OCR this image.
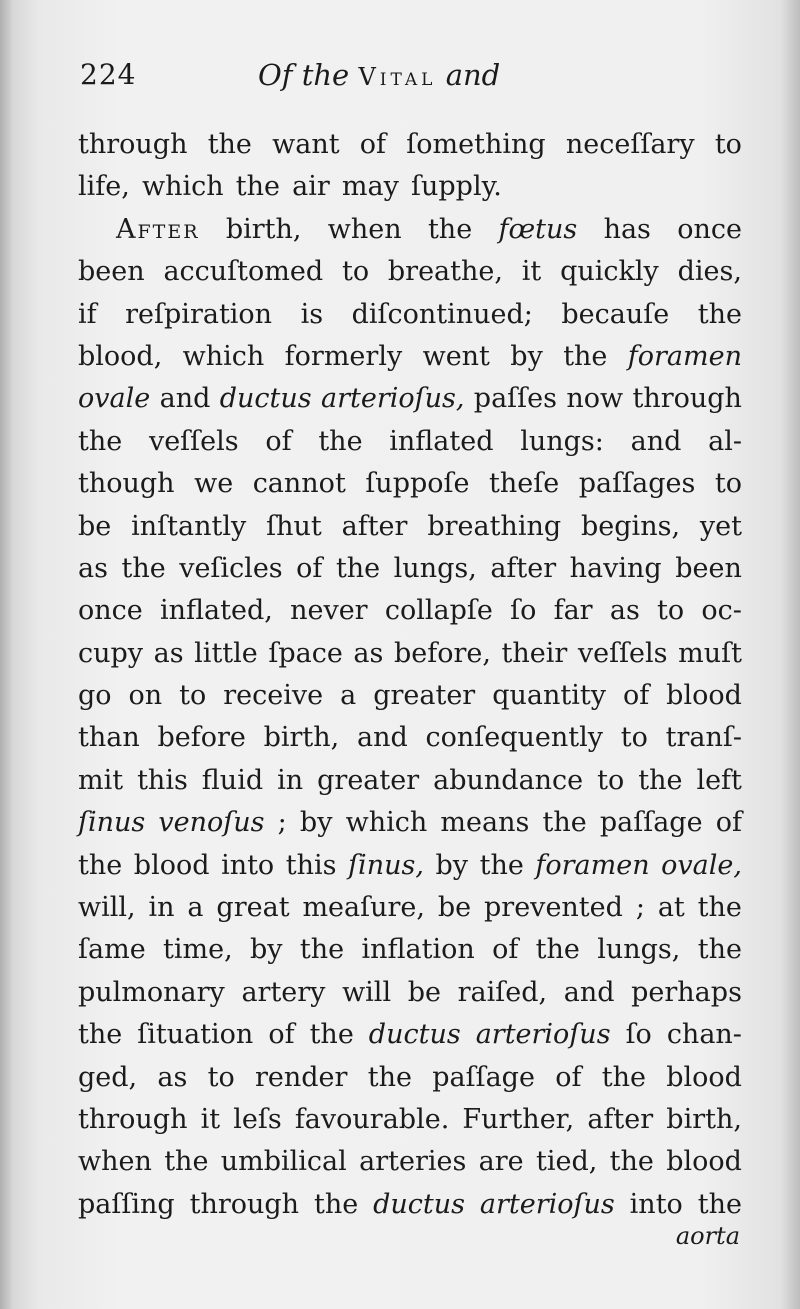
224	Of the Vital and
through the want of ſomething neceſſary to
life, which the air may ſupply.
After birth, when the fœtus has once
been accuſtomed to breathe, it quickly dies,
if reſpiration is diſcontinued; becauſe the
blood, which formerly went by the foramen
ovale and ductus arterioſus, paſſes now through
the veſſels of the inflated lungs: and al-
though we cannot ſuppoſe theſe paſſages to
be inſtantly ſhut after breathing begins, yet
as the veſicles of the lungs, after having been
once inflated, never collapſe ſo far as to oc-
cupy as little ſpace as before, their veſſels muſt
go on to receive a greater quantity of blood
than before birth, and conſequently to tranſ-
mit this fluid in greater abundance to the left
ſinus venoſus ; by which means the paſſage of
the blood into this ſinus, by the foramen ovale,
will, in a great meaſure, be prevented ; at the
ſame time, by the inflation of the lungs, the
pulmonary artery will be raiſed, and perhaps
the ſituation of the ductus arterioſus ſo chan-
ged, as to render the paſſage of the blood
through it leſs favourable. Further, after birth,
when the umbilical arteries are tied, the blood
paſſing through the ductus arterioſus into the
aorta
